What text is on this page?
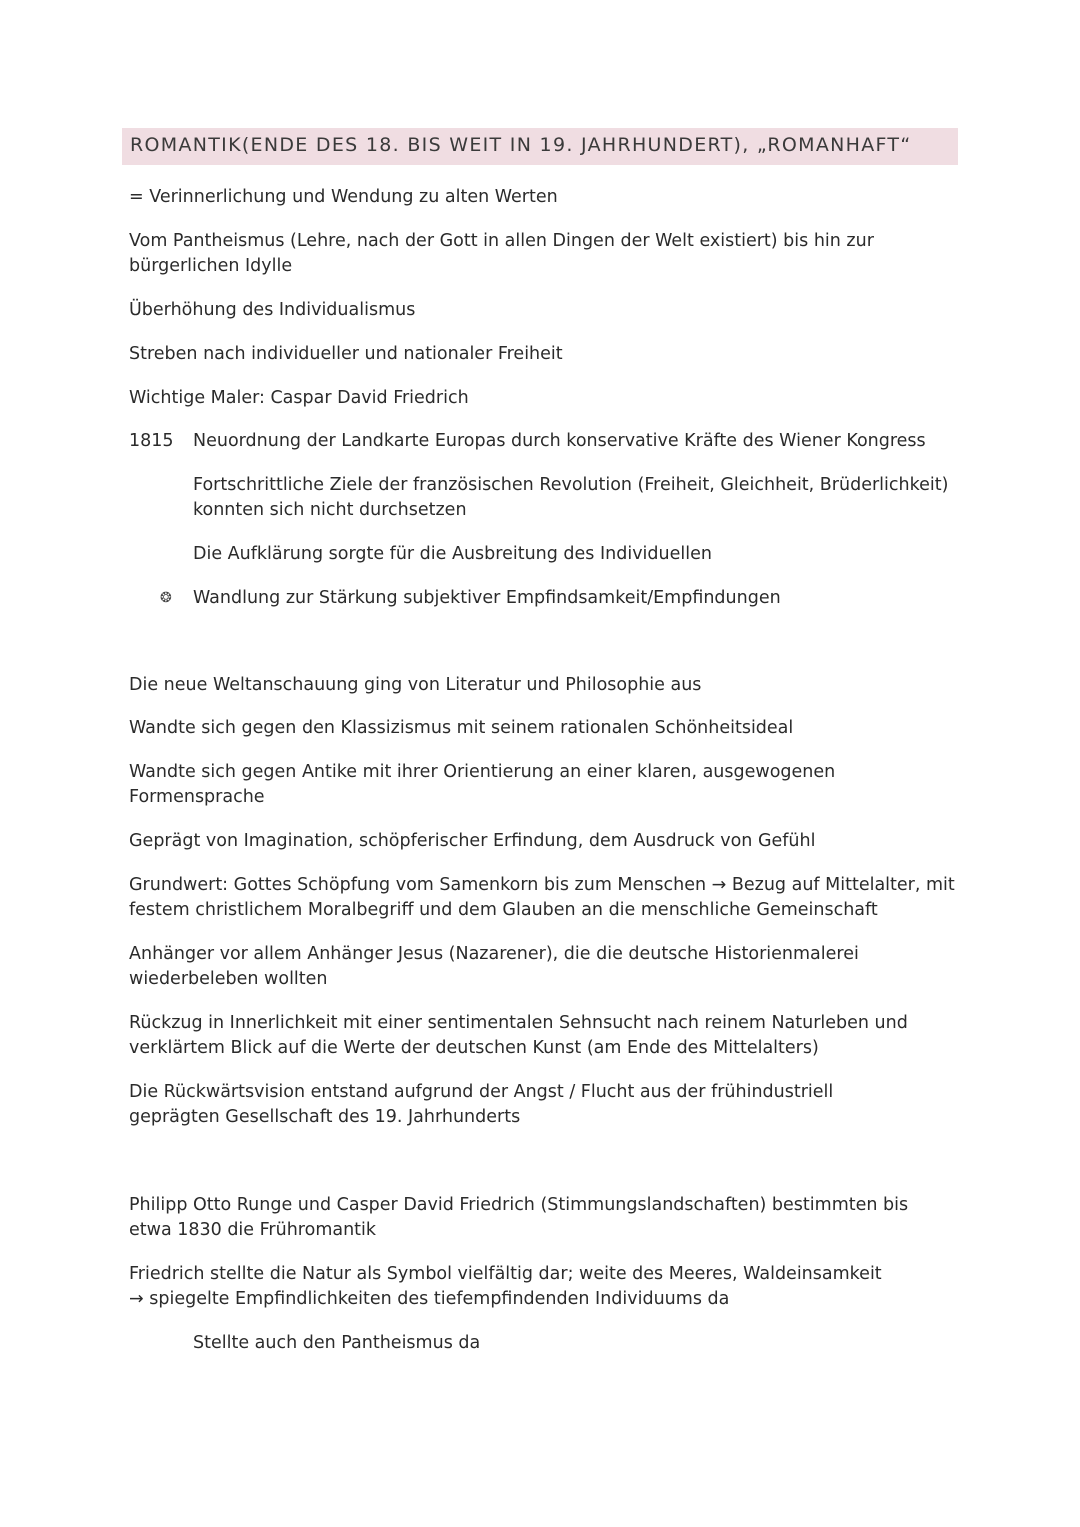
ROMANTIK(ENDE DES 18. BIS WEIT IN 19. JAHRHUNDERT), „ROMANHAFT“
= Verinnerlichung und Wendung zu alten Werten
Vom Pantheismus (Lehre, nach der Gott in allen Dingen der Welt existiert) bis hin zur bürgerlichen Idylle
Überhöhung des Individualismus
Streben nach individueller und nationaler Freiheit
Wichtige Maler: Caspar David Friedrich
1815 Neuordnung der Landkarte Europas durch konservative Kräfte des Wiener Kongress
Fortschrittliche Ziele der französischen Revolution (Freiheit, Gleichheit, Brüderlichkeit) konnten sich nicht durchsetzen
Die Aufklärung sorgte für die Ausbreitung des Individuellen
❂ Wandlung zur Stärkung subjektiver Empfindsamkeit/Empfindungen
Die neue Weltanschauung ging von Literatur und Philosophie aus
Wandte sich gegen den Klassizismus mit seinem rationalen Schönheitsideal
Wandte sich gegen Antike mit ihrer Orientierung an einer klaren, ausgewogenen Formensprache
Geprägt von Imagination, schöpferischer Erfindung, dem Ausdruck von Gefühl
Grundwert: Gottes Schöpfung vom Samenkorn bis zum Menschen → Bezug auf Mittelalter, mit festem christlichem Moralbegriff und dem Glauben an die menschliche Gemeinschaft
Anhänger vor allem Anhänger Jesus (Nazarener), die die deutsche Historienmalerei wiederbeleben wollten
Rückzug in Innerlichkeit mit einer sentimentalen Sehnsucht nach reinem Naturleben und verklärtem Blick auf die Werte der deutschen Kunst (am Ende des Mittelalters)
Die Rückwärtsvision entstand aufgrund der Angst / Flucht aus der frühindustriell geprägten Gesellschaft des 19. Jahrhunderts
Philipp Otto Runge und Casper David Friedrich (Stimmungslandschaften) bestimmten bis etwa 1830 die Frühromantik
Friedrich stellte die Natur als Symbol vielfältig dar; weite des Meeres, Waldeinsamkeit → spiegelte Empfindlichkeiten des tiefempfindenden Individuums da
Stellte auch den Pantheismus da
